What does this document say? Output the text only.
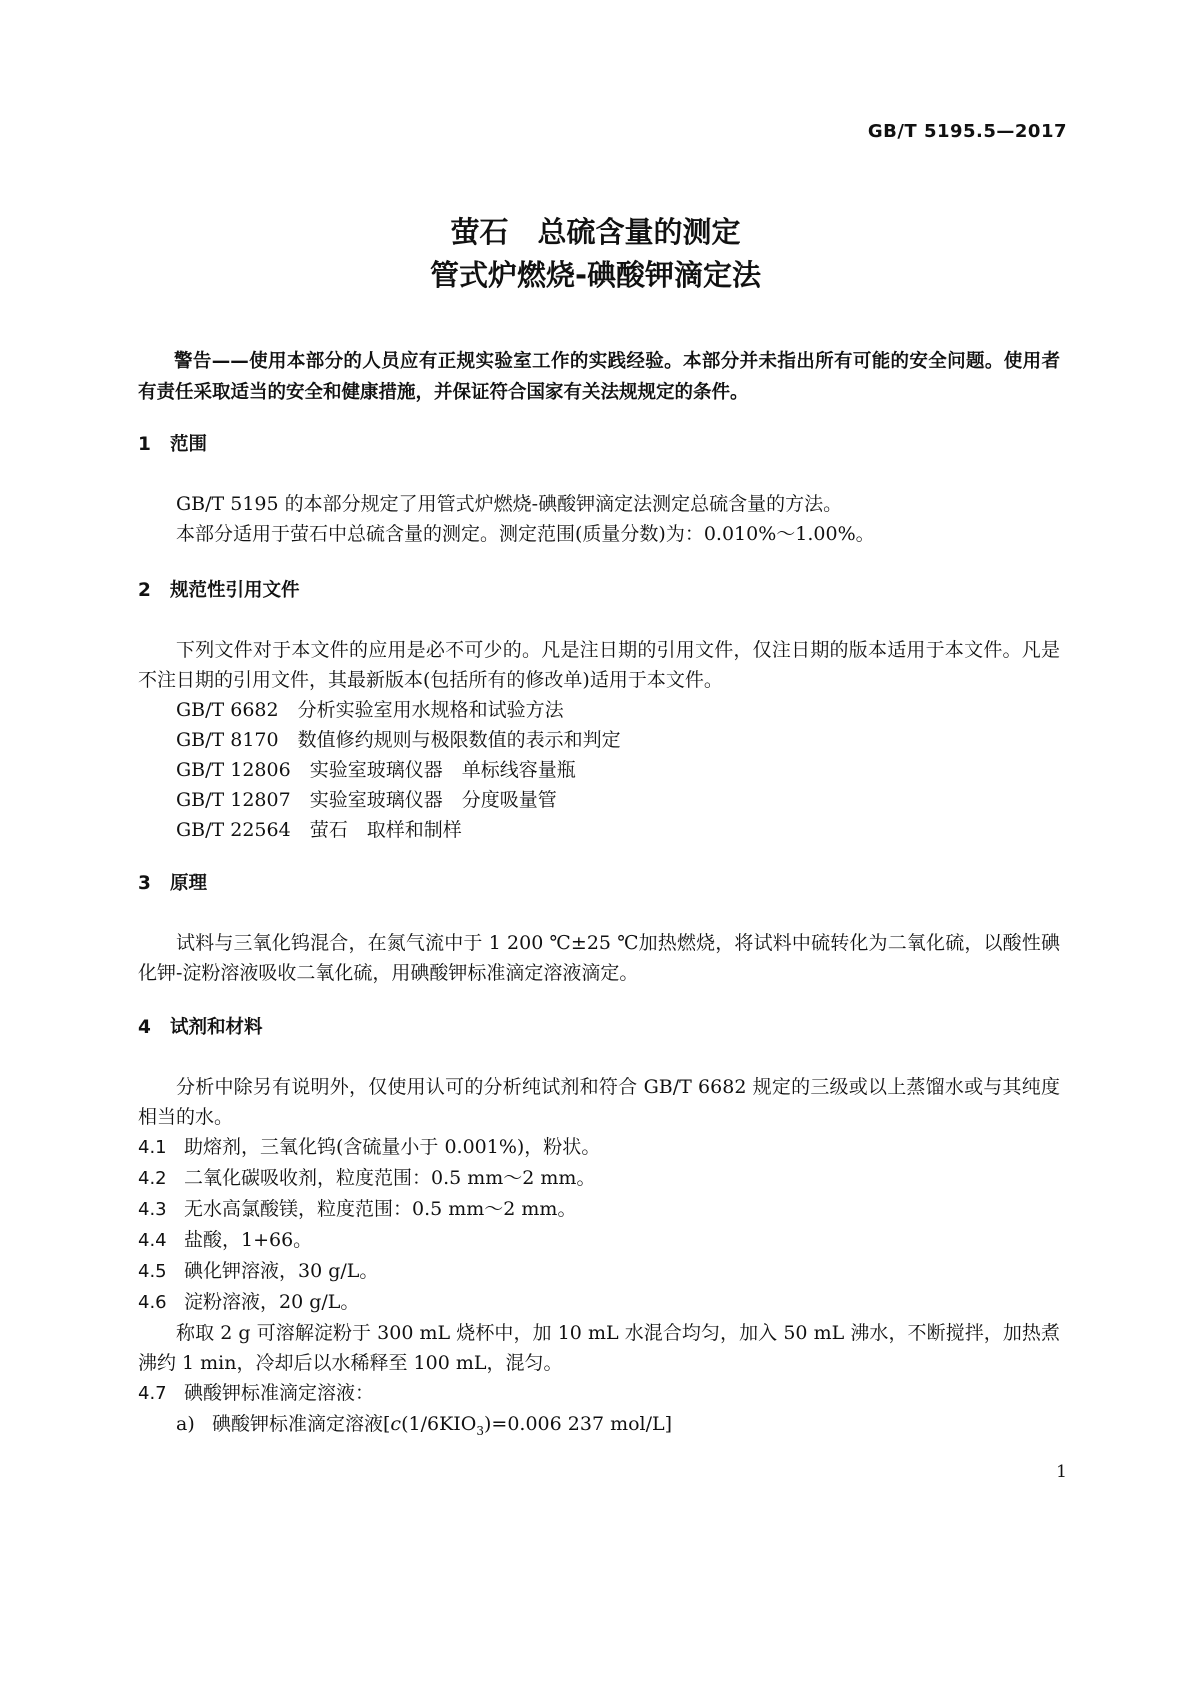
GB/T 5195.5—2017

萤石　总硫含量的测定
管式炉燃烧-碘酸钾滴定法

警告——使用本部分的人员应有正规实验室工作的实践经验。本部分并未指出所有可能的安全问题。使用者有责任采取适当的安全和健康措施，并保证符合国家有关法规规定的条件。

1 范围

GB/T 5195 的本部分规定了用管式炉燃烧-碘酸钾滴定法测定总硫含量的方法。
本部分适用于萤石中总硫含量的测定。测定范围(质量分数)为：0.010%～1.00%。

2 规范性引用文件

下列文件对于本文件的应用是必不可少的。凡是注日期的引用文件，仅注日期的版本适用于本文件。凡是不注日期的引用文件，其最新版本(包括所有的修改单)适用于本文件。
GB/T 6682　分析实验室用水规格和试验方法
GB/T 8170　数值修约规则与极限数值的表示和判定
GB/T 12806　实验室玻璃仪器　单标线容量瓶
GB/T 12807　实验室玻璃仪器　分度吸量管
GB/T 22564　萤石　取样和制样

3 原理

试料与三氧化钨混合，在氮气流中于 1 200 ℃±25 ℃加热燃烧，将试料中硫转化为二氧化硫，以酸性碘化钾-淀粉溶液吸收二氧化硫，用碘酸钾标准滴定溶液滴定。

4 试剂和材料

分析中除另有说明外，仅使用认可的分析纯试剂和符合 GB/T 6682 规定的三级或以上蒸馏水或与其纯度相当的水。
4.1 助熔剂，三氧化钨(含硫量小于 0.001%)，粉状。
4.2 二氧化碳吸收剂，粒度范围：0.5 mm～2 mm。
4.3 无水高氯酸镁，粒度范围：0.5 mm～2 mm。
4.4 盐酸，1+66。
4.5 碘化钾溶液，30 g/L。
4.6 淀粉溶液，20 g/L。
称取 2 g 可溶解淀粉于 300 mL 烧杯中，加 10 mL 水混合均匀，加入 50 mL 沸水，不断搅拌，加热煮沸约 1 min，冷却后以水稀释至 100 mL，混匀。
4.7 碘酸钾标准滴定溶液：
a) 碘酸钾标准滴定溶液[$c(1/6KIO_3)=0.006$ 237 mol/L]

1
